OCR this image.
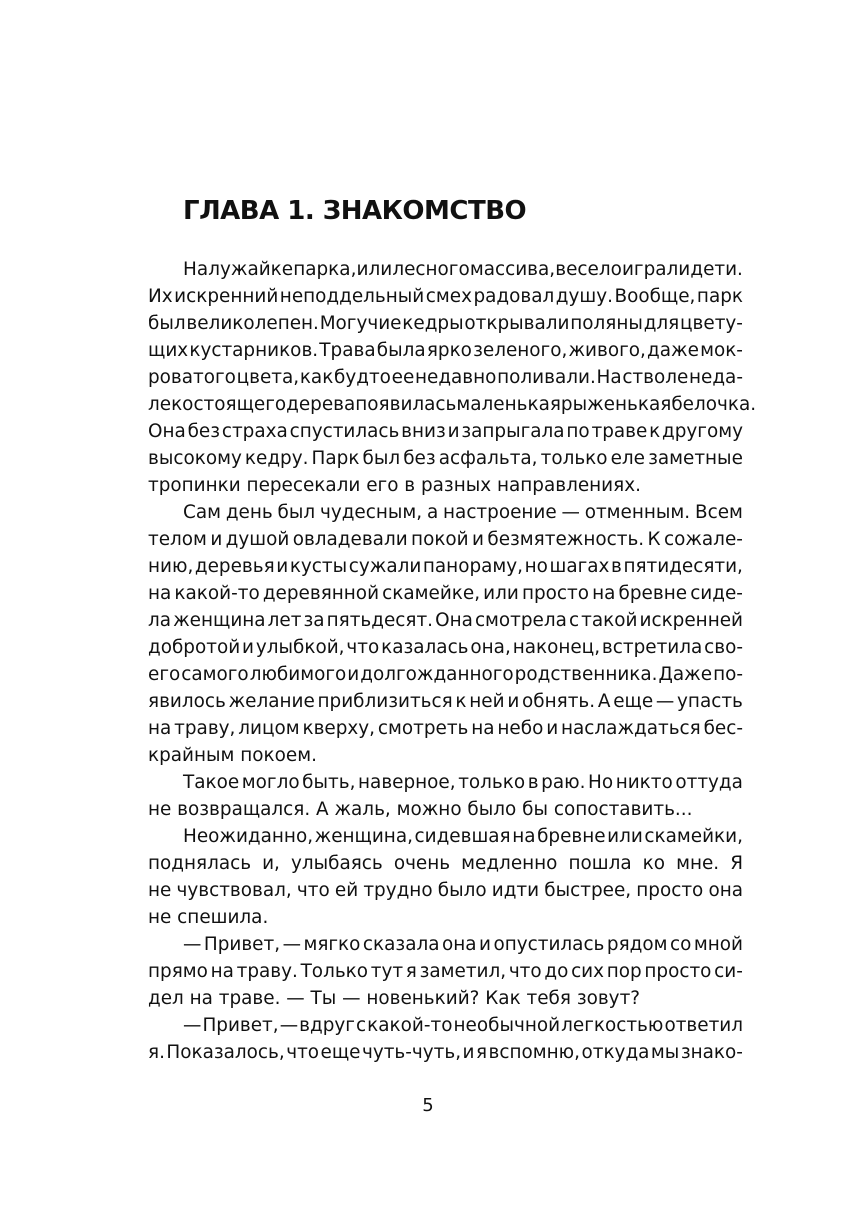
ГЛАВА 1. ЗНАКОМСТВО
На лужайке парка, или лесного массива, весело играли дети.
Их искренний неподдельный смех радовал душу. Вообще, парк
был великолепен. Могучие кедры открывали поляны для цвету-
щих кустарников. Трава была ярко зеленого, живого, даже мок-
роватого цвета, как будто ее недавно поливали. На стволе неда-
леко стоящего дерева появилась маленькая рыженькая белочка.
Она без страха спустилась вниз и запрыгала по траве к другому
высокому кедру. Парк был без асфальта, только еле заметные
тропинки пересекали его в разных направлениях.
Сам день был чудесным, а настроение — отменным. Всем
телом и душой овладевали покой и безмятежность. К сожале-
нию, деревья и кусты сужали панораму, но шагах в пятидесяти,
на какой-то деревянной скамейке, или просто на бревне сиде-
ла женщина лет за пятьдесят. Она смотрела с такой искренней
добротой и улыбкой, что казалась она, наконец, встретила сво-
его самого любимого и долгожданного родственника. Даже по-
явилось желание приблизиться к ней и обнять. А еще — упасть
на траву, лицом кверху, смотреть на небо и наслаждаться бес-
крайным покоем.
Такое могло быть, наверное, только в раю. Но никто оттуда
не возвращался. А жаль, можно было бы сопоставить...
Неожиданно, женщина, сидевшая на бревне или скамейки,
поднялась и, улыбаясь очень медленно пошла ко мне. Я
не чувствовал, что ей трудно было идти быстрее, просто она
не спешила.
— Привет, — мягко сказала она и опустилась рядом со мной
прямо на траву. Только тут я заметил, что до сих пор просто си-
дел на траве. — Ты — новенький? Как тебя зовут?
— Привет, — вдруг с какой-то необычной легкостью ответил
я. Показалось, что еще чуть-чуть, и я вспомню, откуда мы знако-
5
